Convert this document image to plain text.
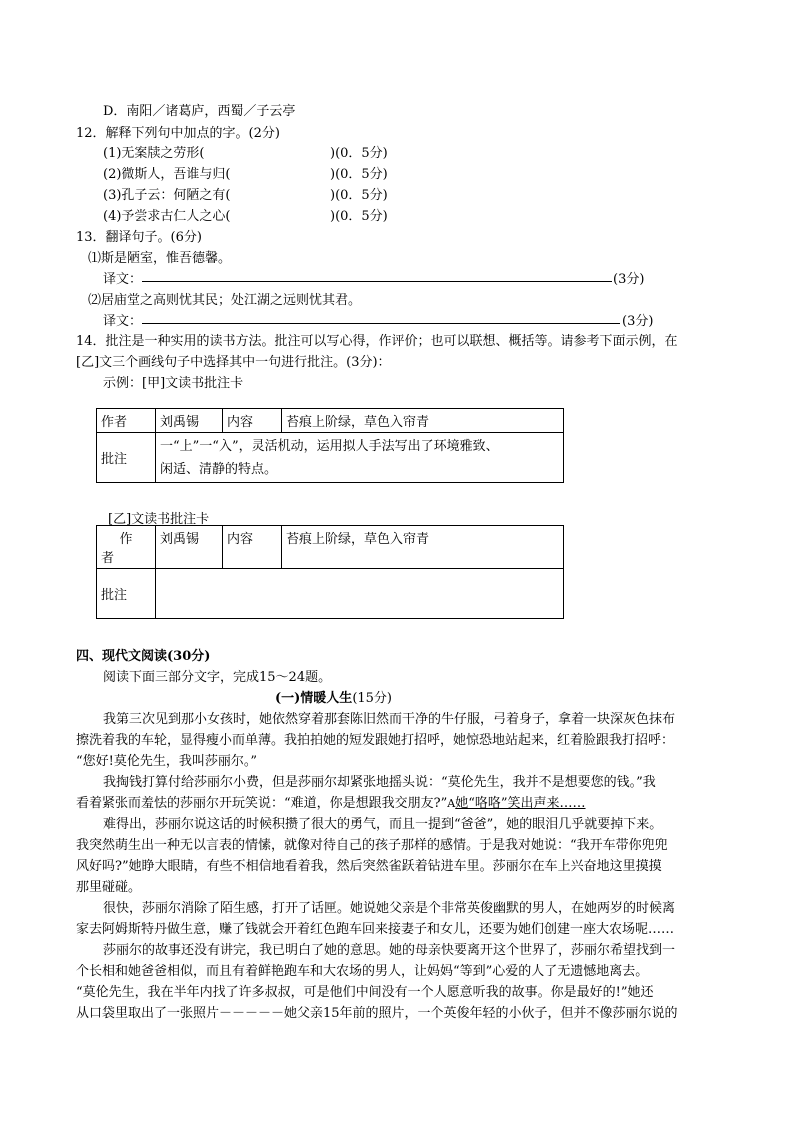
D．南阳／诸葛庐，西蜀／子云亭
12．解释下列句中加点的字。(2分)
(1)无案牍之劳形(	)(0．5分)
(2)微斯人，吾谁与归(	)(0．5分)
(3)孔子云：何陋之有(	)(0．5分)
(4)予尝求古仁人之心(	)(0．5分)
13．翻译句子。(6分)
⑴斯是陋室，惟吾德馨。
译文：	(3分)
⑵居庙堂之高则忧其民；处江湖之远则忧其君。
译文：	(3分)
14．批注是一种实用的读书方法。批注可以写心得，作评价；也可以联想、概括等。请参考下面示例，在
[乙]文三个画线句子中选择其中一句进行批注。(3分)：
示例：[甲]文读书批注卡
作者	刘禹锡	内容	苔痕上阶绿，草色入帘青
批注	一“上”一“入”，灵活机动，运用拟人手法写出了环境雅致、
闲适、清静的特点。		
[乙]文读书批注卡
作
者	刘禹锡	内容	苔痕上阶绿，草色入帘青
批注			
四、现代文阅读(30分)
阅读下面三部分文字，完成15～24题。
(一)情暖人生(15分)
我第三次见到那小女孩时，她依然穿着那套陈旧然而干净的牛仔服，弓着身子，拿着一块深灰色抹布
擦洗着我的车轮，显得瘦小而单薄。我拍拍她的短发跟她打招呼，她惊恐地站起来，红着脸跟我打招呼：
“您好!莫伦先生，我叫莎丽尔。”
我掏钱打算付给莎丽尔小费，但是莎丽尔却紧张地摇头说：“莫伦先生，我并不是想要您的钱。”我
看着紧张而羞怯的莎丽尔开玩笑说：“难道，你是想跟我交朋友?”A她“咯咯”笑出声来……
难得出，莎丽尔说这话的时候积攒了很大的勇气，而且一提到“爸爸”，她的眼泪几乎就要掉下来。
我突然萌生出一种无以言表的情愫，就像对待自己的孩子那样的感情。于是我对她说：“我开车带你兜兜
风好吗?”她睁大眼睛，有些不相信地看着我，然后突然雀跃着钻进车里。莎丽尔在车上兴奋地这里摸摸
那里碰碰。
很快，莎丽尔消除了陌生感，打开了话匣。她说她父亲是个非常英俊幽默的男人，在她两岁的时候离
家去阿姆斯特丹做生意，赚了钱就会开着红色跑车回来接妻子和女儿，还要为她们创建一座大农场呢……
莎丽尔的故事还没有讲完，我已明白了她的意思。她的母亲快要离开这个世界了，莎丽尔希望找到一
个长相和她爸爸相似，而且有着鲜艳跑车和大农场的男人，让妈妈“等到”心爱的人了无遗憾地离去。
“莫伦先生，我在半年内找了许多叔叔，可是他们中间没有一个人愿意听我的故事。你是最好的!”她还
从口袋里取出了一张照片－－－－－她父亲15年前的照片，一个英俊年轻的小伙子，但并不像莎丽尔说的
